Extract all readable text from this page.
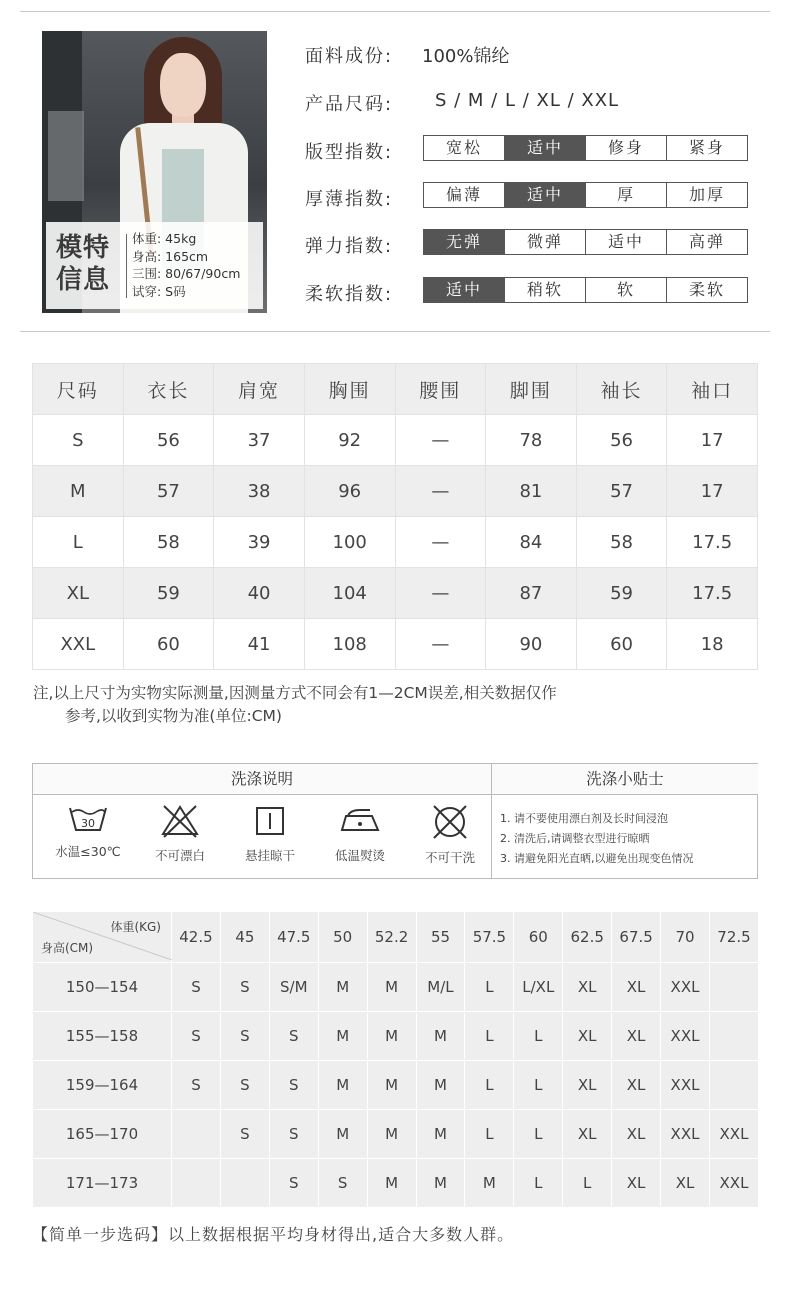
模特
信息
体重: 45kg
身高: 165cm
三围: 80/67/90cm
试穿: S码
面料成份: 100%锦纶
产品尺码: S / M / L / XL / XXL
版型指数:	宽松	适中	修身	紧身
厚薄指数:	偏薄	适中	厚	加厚
弹力指数:	无弹	微弹	适中	高弹
柔软指数:	适中	稍软	软	柔软
尺码	衣长	肩宽	胸围	腰围	脚围	袖长	袖口
S	56	37	92	—	78	56	17
M	57	38	96	—	81	57	17
L	58	39	100	—	84	58	17.5
XL	59	40	104	—	87	59	17.5
XXL	60	41	108	—	90	60	18
注,以上尺寸为实物实际测量,因测量方式不同会有1—2CM误差,相关数据仅作
参考,以收到实物为准(单位:CM)
洗涤说明	洗涤小贴士
30
水温≤30℃	不可漂白	悬挂晾干	低温熨烫	不可干洗
1. 请不要使用漂白剂及长时间浸泡
2. 清洗后,请调整衣型进行晾晒
3. 请避免阳光直晒,以避免出现变色情况
体重(KG)
身高(CM)	42.5	45	47.5	50	52.2	55	57.5	60	62.5	67.5	70	72.5
150—154	S	S	S/M	M	M	M/L	L	L/XL	XL	XL	XXL	
155—158	S	S	S	M	M	M	L	L	XL	XL	XXL	
159—164	S	S	S	M	M	M	L	L	XL	XL	XXL	
165—170		S	S	M	M	M	L	L	XL	XL	XXL	XXL
171—173			S	S	M	M	M	L	L	XL	XL	XXL
【简单一步选码】以上数据根据平均身材得出,适合大多数人群。
